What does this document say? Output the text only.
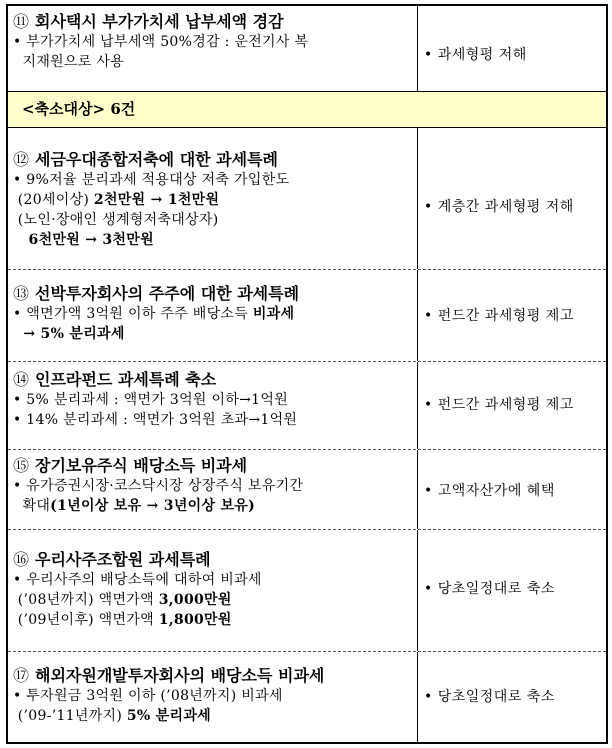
⑪ 회사택시 부가가치세 납부세액 경감
• 부가가치세 납부세액 50%경감 : 운전기사 복
지재원으로 사용	• 과세형평 저해
<축소대상> 6건
⑫ 세금우대종합저축에 대한 과세특례
• 9%저율 분리과세 적용대상 저축 가입한도
(20세이상) 2천만원 → 1천만원
(노인·장애인 생계형저축대상자)
6천만원 → 3천만원
• 계층간 과세형평 저해
⑬ 선박투자회사의 주주에 대한 과세특례
• 액면가액 3억원 이하 주주 배당소득 비과세
→ 5% 분리과세
• 펀드간 과세형평 제고
⑭ 인프라펀드 과세특례 축소
• 5% 분리과세 : 액면가 3억원 이하→1억원
• 14% 분리과세 : 액면가 3억원 초과→1억원
• 펀드간 과세형평 제고
⑮ 장기보유주식 배당소득 비과세
• 유가증권시장·코스닥시장 상장주식 보유기간
확대(1년이상 보유 → 3년이상 보유)
• 고액자산가에 혜택
⑯ 우리사주조합원 과세특례
• 우리사주의 배당소득에 대하여 비과세
(’08년까지) 액면가액 3,000만원
(’09년이후) 액면가액 1,800만원
• 당초일정대로 축소
⑰ 해외자원개발투자회사의 배당소득 비과세
• 투자원금 3억원 이하 (’08년까지) 비과세
(’09-’11년까지) 5% 분리과세
• 당초일정대로 축소
